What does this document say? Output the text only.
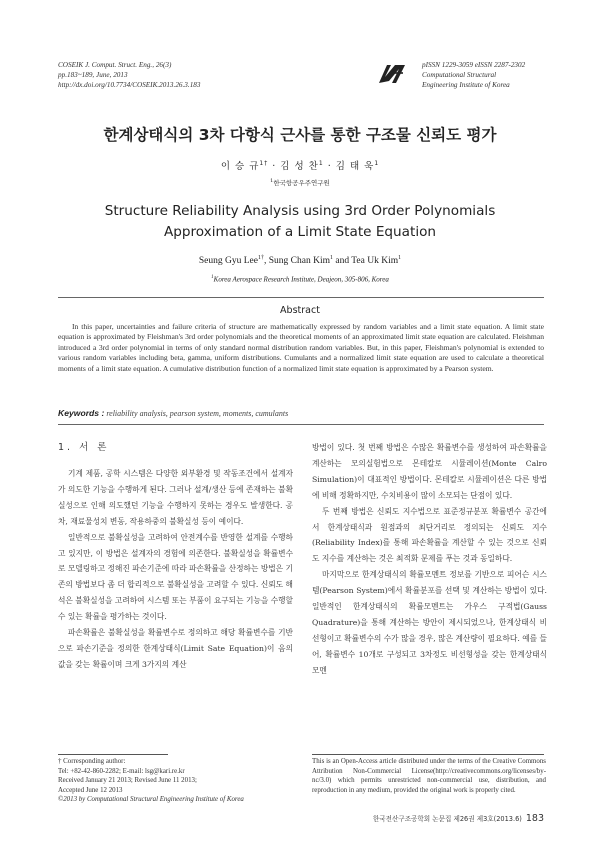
COSEIK J. Comput. Struct. Eng., 26(3)
pp.183~189, June, 2013
http://dx.doi.org/10.7734/COSEIK.2013.26.3.183
pISSN 1229-3059 eISSN 2287-2302
Computational Structural
Engineering Institute of Korea
한계상태식의 3차 다항식 근사를 통한 구조물 신뢰도 평가
이 승 규$^{1\dagger}$ · 김 성 찬$^1$ · 김 태 욱$^1$
$^1$한국항공우주연구원
Structure Reliability Analysis using 3rd Order Polynomials
Approximation of a Limit State Equation
Seung Gyu Lee$^{1\dagger}$, Sung Chan Kim$^1$ and Tea Uk Kim$^1$
$^1$Korea Aerospace Research Institute, Deajeon, 305-806, Korea
Abstract
In this paper, uncertainties and failure criteria of structure are mathematically expressed by random variables and a limit state equation. A limit state equation is approximated by Fleishman's 3rd order polynomials and the theoretical moments of an approximated limit state equation are calculated. Fleishman introduced a 3rd order polynomial in terms of only standard normal distribution random variables. But, in this paper, Fleishman's polynomial is extended to various random variables including beta, gamma, uniform distributions. Cumulants and a normalized limit state equation are used to calculate a theoretical moments of a limit state equation. A cumulative distribution function of a normalized limit state equation is approximated by a Pearson system.
Keywords : reliability analysis, pearson system, moments, cumulants

1. 서 론

기계 제품, 공학 시스템은 다양한 외부환경 및 작동조건에서 설계자가 의도한 기능을 수행하게 된다. 그러나 설계/생산 등에 존재하는 불확실성으로 인해 의도했던 기능을 수행하지 못하는 경우도 발생한다. 공차, 재료물성치 변동, 작용하중의 불확실성 등이 예이다.

일반적으로 불확실성을 고려하여 안전계수를 반영한 설계를 수행하고 있지만, 이 방법은 설계자의 경험에 의존한다. 불확실성을 확률변수로 모델링하고 정해진 파손기준에 따라 파손확률을 산정하는 방법은 기존의 방법보다 좀 더 합리적으로 불확실성을 고려할 수 있다. 신뢰도 해석은 불확실성을 고려하여 시스템 또는 부품이 요구되는 기능을 수행할 수 있는 확률을 평가하는 것이다.

파손확률은 불확실성을 확률변수로 정의하고 해당 확률변수를 기반으로 파손기준을 정의한 한계상태식(Limit Sate Equation)이 음의 값을 갖는 확률이며 크게 3가지의 계산

방법이 있다. 첫 번째 방법은 수많은 확률변수를 생성하여 파손확률을 계산하는 모의실험법으로 몬테칼로 시뮬레이션(Monte Calro Simulation)이 대표적인 방법이다. 몬테칼로 시뮬레이션은 다른 방법에 비해 정확하지만, 수치비용이 많이 소모되는 단점이 있다.

두 번째 방법은 신뢰도 지수법으로 표준정규분포 확률변수 공간에서 한계상태식과 원점과의 최단거리로 정의되는 신뢰도 지수(Reliability Index)를 통해 파손확률을 계산할 수 있는 것으로 신뢰도 지수를 계산하는 것은 최적화 문제를 푸는 것과 동일하다.

마지막으로 한계상태식의 확률모멘트 정보를 기반으로 피어슨 시스템(Pearson System)에서 확률분포를 선택 및 계산하는 방법이 있다. 일반적인 한계상태식의 확률모멘트는 가우스 구적법(Gauss Quadrature)을 통해 계산하는 방안이 제시되었으나, 한계상태식 비선형이고 확률변수의 수가 많을 경우, 많은 계산량이 필요하다. 예를 들어, 확률변수 10개로 구성되고 3차정도 비선형성을 갖는 한계상태식 모멘

† Corresponding author:
Tel: +82-42-860-2282; E-mail: lsg@kari.re.kr
Received January 21 2013; Revised June 11 2013;
Accepted June 12 2013
©2013 by Computational Structural Engineering Institute of Korea
This is an Open-Access article distributed under the terms of the Creative Commons Attribution Non-Commercial License(http://creativecommons.org/licenses/by-nc/3.0) which permits unrestricted non-commercial use, distribution, and reproduction in any medium, provided the original work is properly cited.
한국전산구조공학회 논문집 제26권 제3호(2013.6) 183
